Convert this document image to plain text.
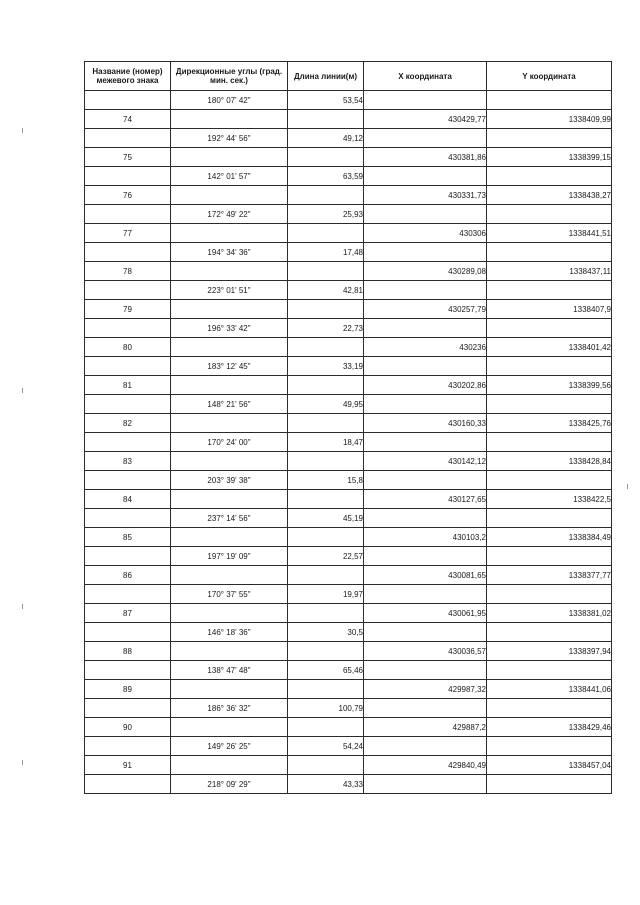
Название (номер) межевого знака	Дирекционные углы (град. мин. сек.)	Длина линии(м)	X координата	Y координата
	180° 07' 42"	53,54		
74			430429,77	1338409,99
	192° 44' 56"	49,12		
75			430381,86	1338399,15
	142° 01' 57"	63,59		
76			430331,73	1338438,27
	172° 49' 22"	25,93		
77			430306	1338441,51
	194° 34' 36"	17,48		
78			430289,08	1338437,11
	223° 01' 51"	42,81		
79			430257,79	1338407,9
	196° 33' 42"	22,73		
80			430236	1338401,42
	183° 12' 45"	33,19		
81			430202,86	1338399,56
	148° 21' 56"	49,95		
82			430160,33	1338425,76
	170° 24' 00"	18,47		
83			430142,12	1338428,84
	203° 39' 38"	15,8		
84			430127,65	1338422,5
	237° 14' 56"	45,19		
85			430103,2	1338384,49
	197° 19' 09"	22,57		
86			430081,65	1338377,77
	170° 37' 55"	19,97		
87			430061,95	1338381,02
	146° 18' 36"	30,5		
88			430036,57	1338397,94
	138° 47' 48"	65,46		
89			429987,32	1338441,06
	186° 36' 32"	100,79		
90			429887,2	1338429,46
	149° 26' 25"	54,24		
91			429840,49	1338457,04
	218° 09' 29"	43,33		
